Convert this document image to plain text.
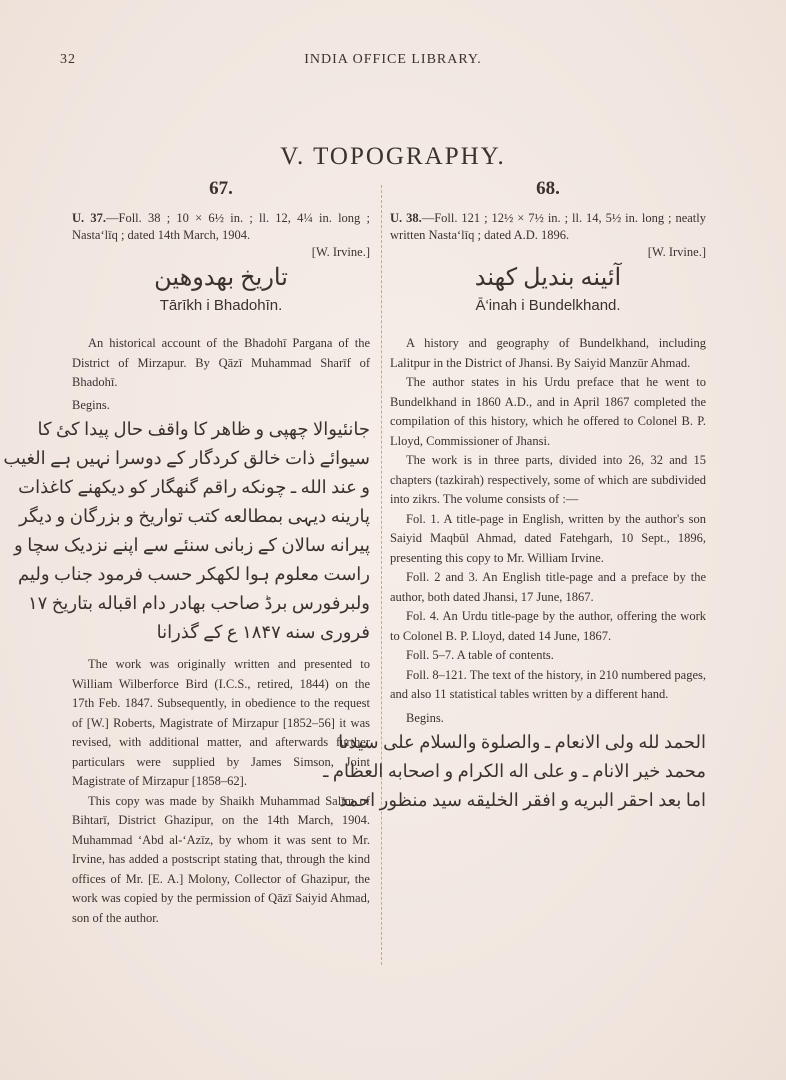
32	INDIA OFFICE LIBRARY.
V. TOPOGRAPHY.
67.
U. 37.—Foll. 38 ; 10 × 6½ in. ; ll. 12, 4¼ in. long ; Nasta‘līq ; dated 14th March, 1904.
[W. Irvine.]
تاریخ بهدوهین
Tārīkh i Bhadohīn.

An historical account of the Bhadohī Pargana of the District of Mirzapur. By Qāzī Muhammad Sharīf of Bhadohī.

Begins.

جانئیوالا چهپی و ظاهر کا واقف حال پیدا کیٔ کا
سیوائے ذات خالق کردگار کے دوسرا نہیں ہے الغیب
و عند الله ـ چونکه راقم گنهگار کو دیکهنے کاغذات
پارینه دیہی بمطالعه کتب تواریخ و بزرگان و دیگر
پیرانه سالان کے زبانی سنئے سے اپنے نزدیک سچا و
راست معلوم ہوا لکهکر حسب فرمود جناب ولیم
ولبرفورس برڈ صاحب بهادر دام اقباله بتاریخ ۱۷
فروری سنه ۱۸۴۷ ع کے گذرانا

The work was originally written and presented to William Wilberforce Bird (I.C.S., retired, 1844) on the 17th Feb. 1847. Subsequently, in obedience to the request of [W.] Roberts, Magistrate of Mirzapur [1852–56] it was revised, with additional matter, and afterwards further particulars were supplied by James Simson, Joint Magistrate of Mirzapur [1858–62].

This copy was made by Shaikh Muhammad Salīm of Bihtarī, District Ghazipur, on the 14th March, 1904. Muhammad ‘Abd al-‘Azīz, by whom it was sent to Mr. Irvine, has added a postscript stating that, through the kind offices of Mr. [E. A.] Molony, Collector of Ghazipur, the work was copied by the permission of Qāzī Saiyid Ahmad, son of the author.

68.
U. 38.—Foll. 121 ; 12½ × 7½ in. ; ll. 14, 5½ in. long ; neatly written Nasta‘līq ; dated A.D. 1896.
[W. Irvine.]
آئینه بندیل کهند
Ā‘inah i Bundelkhand.

A history and geography of Bundelkhand, including Lalitpur in the District of Jhansi. By Saiyid Manzūr Ahmad.

The author states in his Urdu preface that he went to Bundelkhand in 1860 A.D., and in April 1867 completed the compilation of this history, which he offered to Colonel B. P. Lloyd, Commissioner of Jhansi.

The work is in three parts, divided into 26, 32 and 15 chapters (tazkirah) respectively, some of which are subdivided into zikrs. The volume consists of :—

Fol. 1. A title-page in English, written by the author's son Saiyid Maqbūl Ahmad, dated Fatehgarh, 10 Sept., 1896, presenting this copy to Mr. William Irvine.

Foll. 2 and 3. An English title-page and a preface by the author, both dated Jhansi, 17 June, 1867.

Fol. 4. An Urdu title-page by the author, offering the work to Colonel B. P. Lloyd, dated 14 June, 1867.

Foll. 5–7. A table of contents.

Foll. 8–121. The text of the history, in 210 numbered pages, and also 11 statistical tables written by a different hand.

Begins.

الحمد لله ولی الانعام ـ والصلوة والسلام علی سیدنا
محمد خیر الانام ـ و علی اله الکرام و اصحابه العظام ـ
اما بعد احقر البریه و افقر الخلیقه سید منظور احمد
